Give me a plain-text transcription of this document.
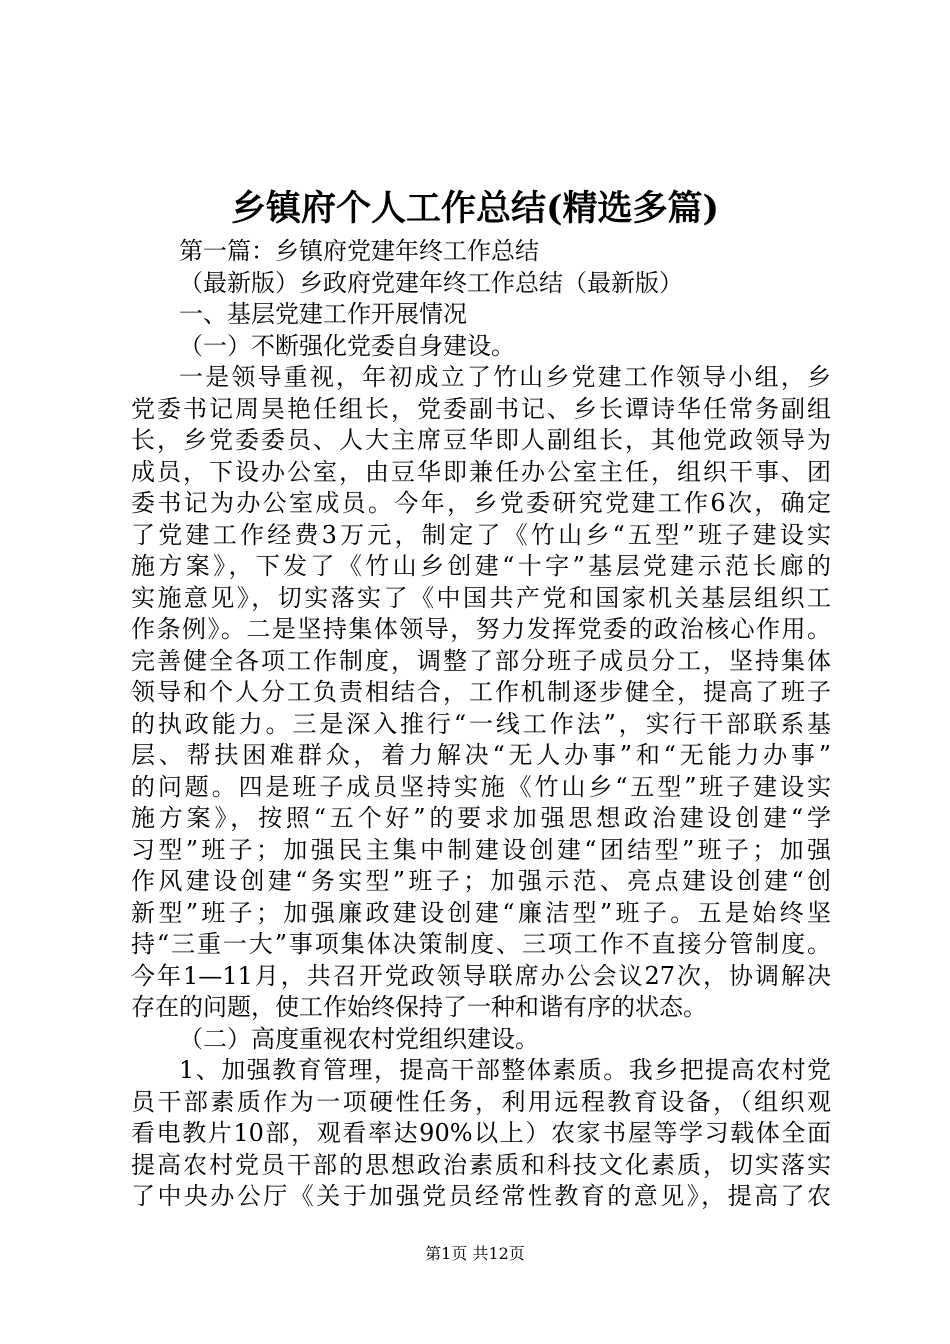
乡镇府个人工作总结(精选多篇)

第一篇：乡镇府党建年终工作总结

（最新版）乡政府党建年终工作总结（最新版）

一、基层党建工作开展情况

（一）不断强化党委自身建设。

一是领导重视，年初成立了竹山乡党建工作领导小组，乡

党委书记周昊艳任组长，党委副书记、乡长谭诗华任常务副组

长，乡党委委员、人大主席豆华即人副组长，其他党政领导为

成员，下设办公室，由豆华即兼任办公室主任，组织干事、团

委书记为办公室成员。今年，乡党委研究党建工作6次，确定

了党建工作经费3万元，制定了《竹山乡“五型”班子建设实

施方案》，下发了《竹山乡创建“十字”基层党建示范长廊的

实施意见》，切实落实了《中国共产党和国家机关基层组织工

作条例》。二是坚持集体领导，努力发挥党委的政治核心作用。

完善健全各项工作制度，调整了部分班子成员分工，坚持集体

领导和个人分工负责相结合，工作机制逐步健全，提高了班子

的执政能力。三是深入推行“一线工作法”，实行干部联系基

层、帮扶困难群众，着力解决“无人办事”和“无能力办事”

的问题。四是班子成员坚持实施《竹山乡“五型”班子建设实

施方案》，按照“五个好”的要求加强思想政治建设创建“学

习型”班子；加强民主集中制建设创建“团结型”班子；加强

作风建设创建“务实型”班子；加强示范、亮点建设创建“创

新型”班子；加强廉政建设创建“廉洁型”班子。五是始终坚

持“三重一大”事项集体决策制度、三项工作不直接分管制度。

今年1—11月，共召开党政领导联席办公会议27次，协调解决

存在的问题，使工作始终保持了一种和谐有序的状态。

（二）高度重视农村党组织建设。

1、加强教育管理，提高干部整体素质。我乡把提高农村党

员干部素质作为一项硬性任务，利用远程教育设备，（组织观

看电教片10部，观看率达90%以上）农家书屋等学习载体全面

提高农村党员干部的思想政治素质和科技文化素质，切实落实

了中央办公厅《关于加强党员经常性教育的意见》，提高了农

第1页 共12页
